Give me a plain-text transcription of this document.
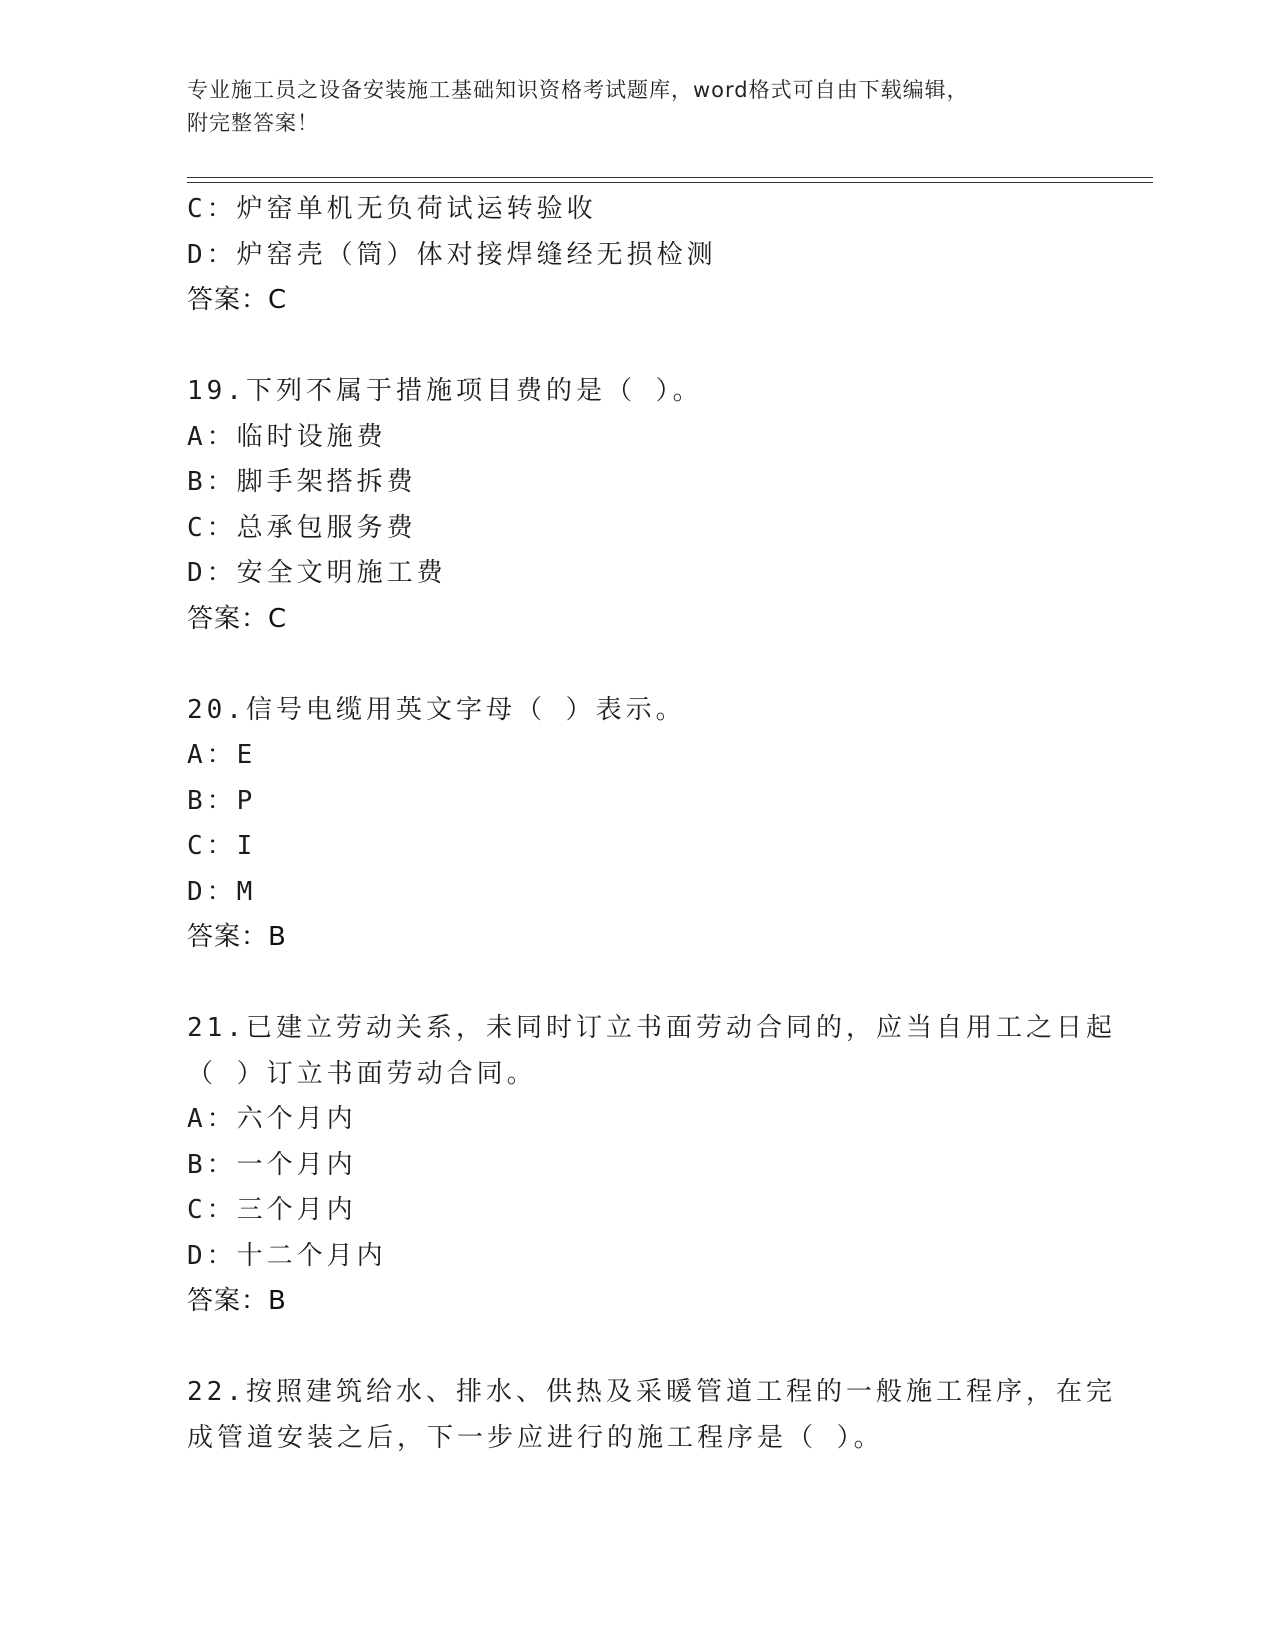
专业施工员之设备安装施工基础知识资格考试题库，word格式可自由下载编辑，
附完整答案！
C：炉窑单机无负荷试运转验收
D：炉窑壳（筒）体对接焊缝经无损检测
答案：C
19.下列不属于措施项目费的是（ ）。
A：临时设施费
B：脚手架搭拆费
C：总承包服务费
D：安全文明施工费
答案：C
20.信号电缆用英文字母（ ）表示。
A：E
B：P
C：I
D：M
答案：B
21.已建立劳动关系，未同时订立书面劳动合同的，应当自用工之日起
（ ）订立书面劳动合同。
A：六个月内
B：一个月内
C：三个月内
D：十二个月内
答案：B
22.按照建筑给水、排水、供热及采暖管道工程的一般施工程序，在完
成管道安装之后，下一步应进行的施工程序是（ ）。
